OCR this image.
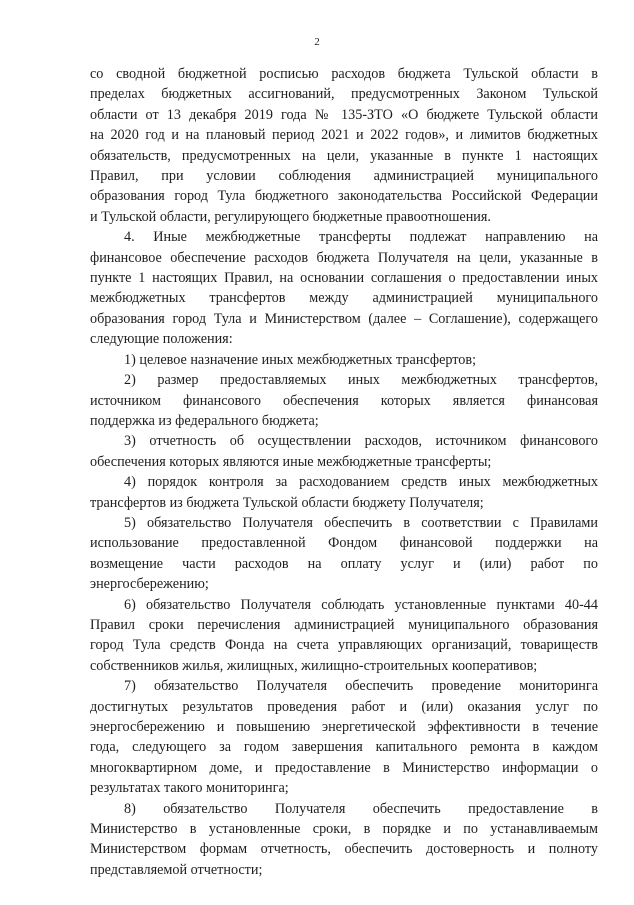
2
со сводной бюджетной росписью расходов бюджета Тульской области в
пределах бюджетных ассигнований, предусмотренных Законом Тульской
области от 13 декабря 2019 года № 135-ЗТО «О бюджете Тульской области
на 2020 год и на плановый период 2021 и 2022 годов», и лимитов бюджетных
обязательств, предусмотренных на цели, указанные в пункте 1 настоящих
Правил, при условии соблюдения администрацией муниципального
образования город Тула бюджетного законодательства Российской Федерации
и Тульской области, регулирующего бюджетные правоотношения.
4. Иные межбюджетные трансферты подлежат направлению на
финансовое обеспечение расходов бюджета Получателя на цели, указанные в
пункте 1 настоящих Правил, на основании соглашения о предоставлении иных
межбюджетных трансфертов между администрацией муниципального
образования город Тула и Министерством (далее – Соглашение), содержащего
следующие положения:
1) целевое назначение иных межбюджетных трансфертов;
2) размер предоставляемых иных межбюджетных трансфертов,
источником финансового обеспечения которых является финансовая
поддержка из федерального бюджета;
3) отчетность об осуществлении расходов, источником финансового
обеспечения которых являются иные межбюджетные трансферты;
4) порядок контроля за расходованием средств иных межбюджетных
трансфертов из бюджета Тульской области бюджету Получателя;
5) обязательство Получателя обеспечить в соответствии с Правилами
использование предоставленной Фондом финансовой поддержки на
возмещение части расходов на оплату услуг и (или) работ по
энергосбережению;
6) обязательство Получателя соблюдать установленные пунктами 40-44
Правил сроки перечисления администрацией муниципального образования
город Тула средств Фонда на счета управляющих организаций, товариществ
собственников жилья, жилищных, жилищно-строительных кооперативов;
7) обязательство Получателя обеспечить проведение мониторинга
достигнутых результатов проведения работ и (или) оказания услуг по
энергосбережению и повышению энергетической эффективности в течение
года, следующего за годом завершения капитального ремонта в каждом
многоквартирном доме, и предоставление в Министерство информации о
результатах такого мониторинга;
8) обязательство Получателя обеспечить предоставление в
Министерство в установленные сроки, в порядке и по устанавливаемым
Министерством формам отчетность, обеспечить достоверность и полноту
представляемой отчетности;
